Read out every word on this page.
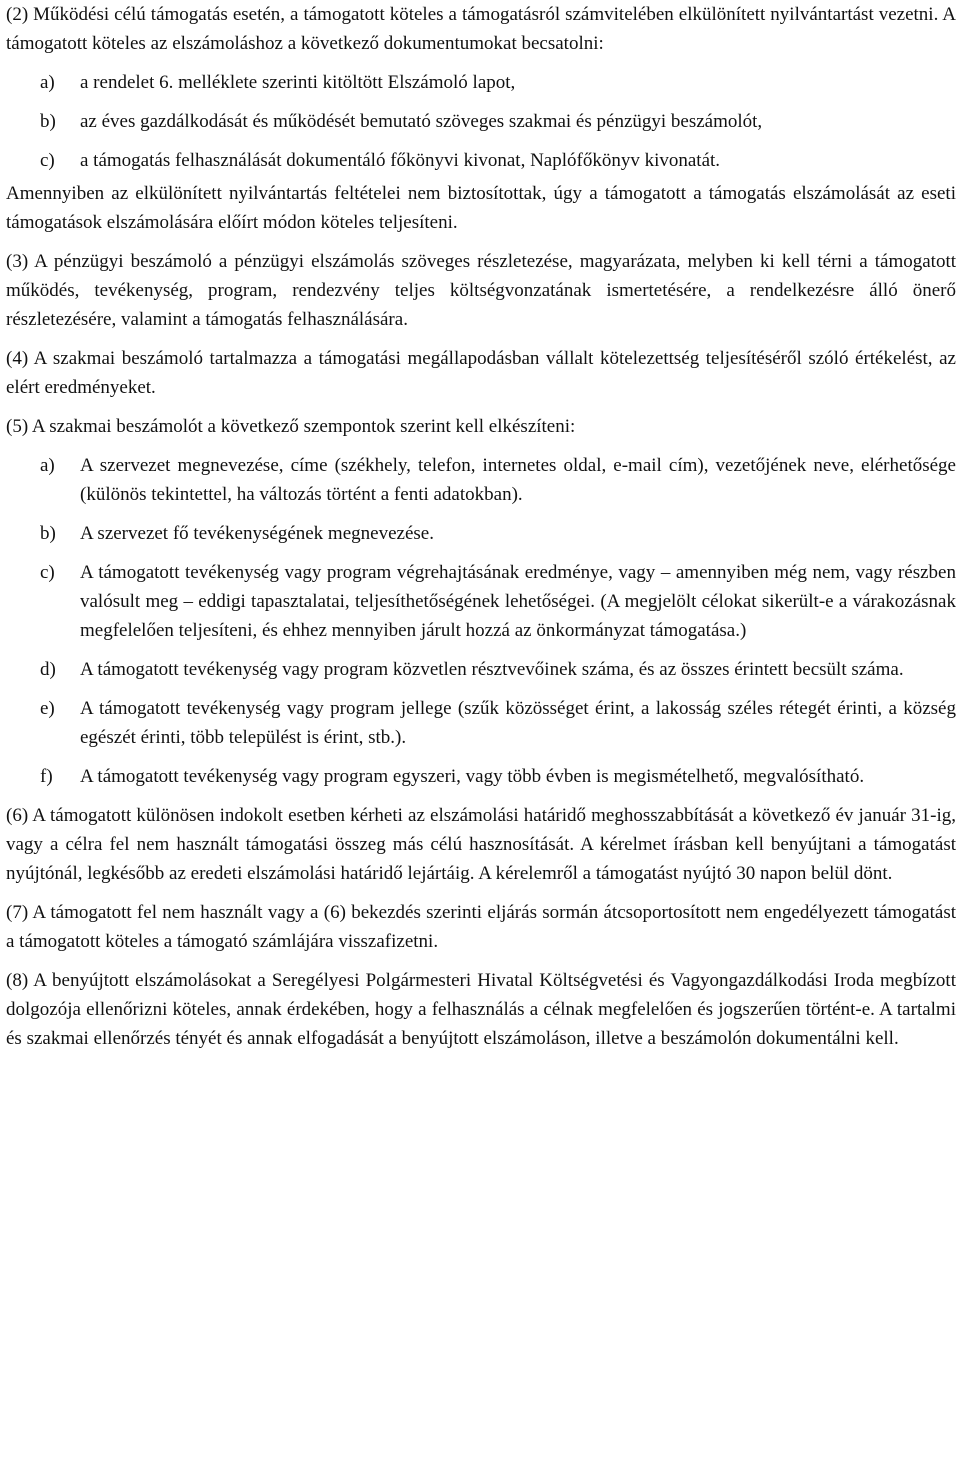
(2) Működési célú támogatás esetén, a támogatott köteles a támogatásról számvitelében elkülönített nyilvántartást vezetni. A támogatott köteles az elszámoláshoz a következő dokumentumokat becsatolni:

a)	a rendelet 6. melléklete szerinti kitöltött Elszámoló lapot,
b)	az éves gazdálkodását és működését bemutató szöveges szakmai és pénzügyi beszámolót,
c)	a támogatás felhasználását dokumentáló főkönyvi kivonat, Naplófőkönyv kivonatát.

Amennyiben az elkülönített nyilvántartás feltételei nem biztosítottak, úgy a támogatott a támogatás elszámolását az eseti támogatások elszámolására előírt módon köteles teljesíteni.

(3) A pénzügyi beszámoló a pénzügyi elszámolás szöveges részletezése, magyarázata, melyben ki kell térni a támogatott működés, tevékenység, program, rendezvény teljes költségvonzatának ismertetésére, a rendelkezésre álló önerő részletezésére, valamint a támogatás felhasználására.

(4) A szakmai beszámoló tartalmazza a támogatási megállapodásban vállalt kötelezettség teljesítéséről szóló értékelést, az elért eredményeket.

(5) A szakmai beszámolót a következő szempontok szerint kell elkészíteni:

a)	A szervezet megnevezése, címe (székhely, telefon, internetes oldal, e-mail cím), vezetőjének neve, elérhetősége (különös tekintettel, ha változás történt a fenti adatokban).
b)	A szervezet fő tevékenységének megnevezése.
c)	A támogatott tevékenység vagy program végrehajtásának eredménye, vagy – amennyiben még nem, vagy részben valósult meg – eddigi tapasztalatai, teljesíthetőségének lehetőségei. (A megjelölt célokat sikerült-e a várakozásnak megfelelően teljesíteni, és ehhez mennyiben járult hozzá az önkormányzat támogatása.)
d)	A támogatott tevékenység vagy program közvetlen résztvevőinek száma, és az összes érintett becsült száma.
e)	A támogatott tevékenység vagy program jellege (szűk közösséget érint, a lakosság széles rétegét érinti, a község egészét érinti, több települést is érint, stb.).
f)	A támogatott tevékenység vagy program egyszeri, vagy több évben is megismételhető, megvalósítható.

(6) A támogatott különösen indokolt esetben kérheti az elszámolási határidő meghosszabbítását a következő év január 31-ig, vagy a célra fel nem használt támogatási összeg más célú hasznosítását. A kérelmet írásban kell benyújtani a támogatást nyújtónál, legkésőbb az eredeti elszámolási határidő lejártáig. A kérelemről a támogatást nyújtó 30 napon belül dönt.

(7) A támogatott fel nem használt vagy a (6) bekezdés szerinti eljárás sormán átcsoportosított nem engedélyezett támogatást a támogatott köteles a támogató számlájára visszafizetni.

(8) A benyújtott elszámolásokat a Seregélyesi Polgármesteri Hivatal Költségvetési és Vagyongazdálkodási Iroda megbízott dolgozója ellenőrizni köteles, annak érdekében, hogy a felhasználás a célnak megfelelően és jogszerűen történt-e. A tartalmi és szakmai ellenőrzés tényét és annak elfogadását a benyújtott elszámoláson, illetve a beszámolón dokumentálni kell.
